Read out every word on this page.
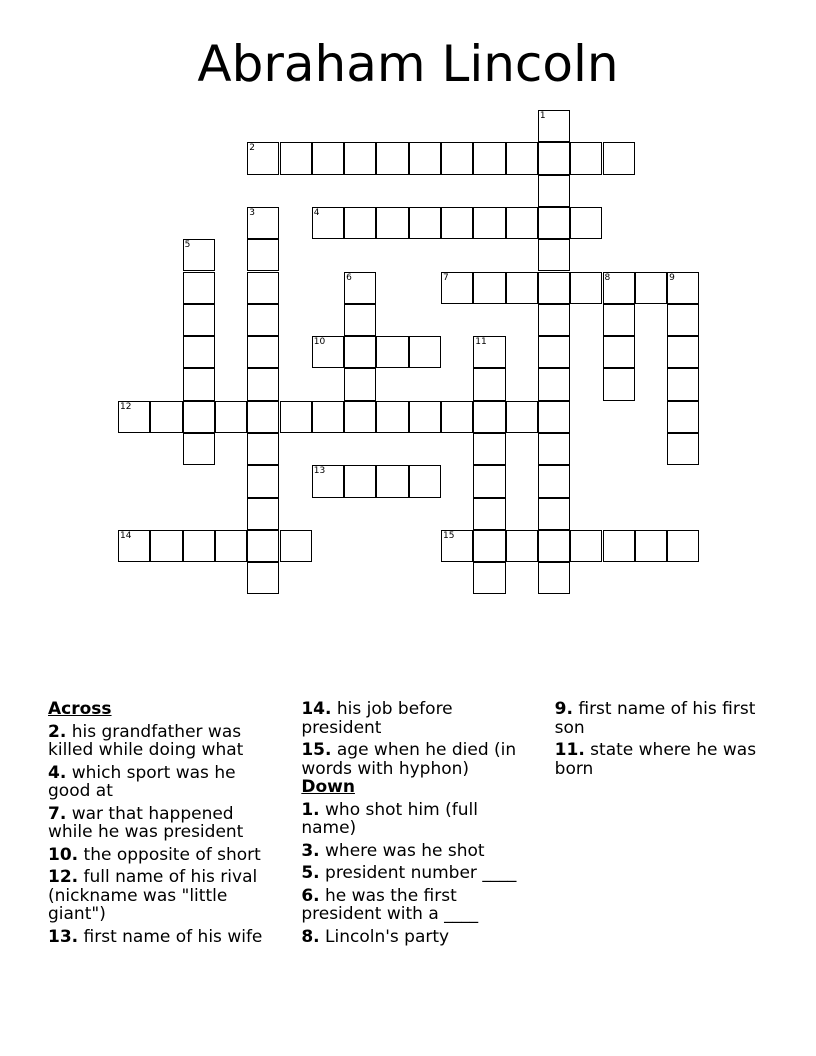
Abraham Lincoln
1
2
3	4
5
6	7	8	9
10	11
12
13
14	15
Across
2. his grandfather was killed while doing what
4. which sport was he good at
7. war that happened while he was president
10. the opposite of short
12. full name of his rival (nickname was "little giant")
13. first name of his wife
14. his job before president
15. age when he died (in words with hyphon)
Down
1. who shot him (full name)
3. where was he shot
5. president number ____
6. he was the first president with a ____
8. Lincoln's party
9. first name of his first son
11. state where he was born
